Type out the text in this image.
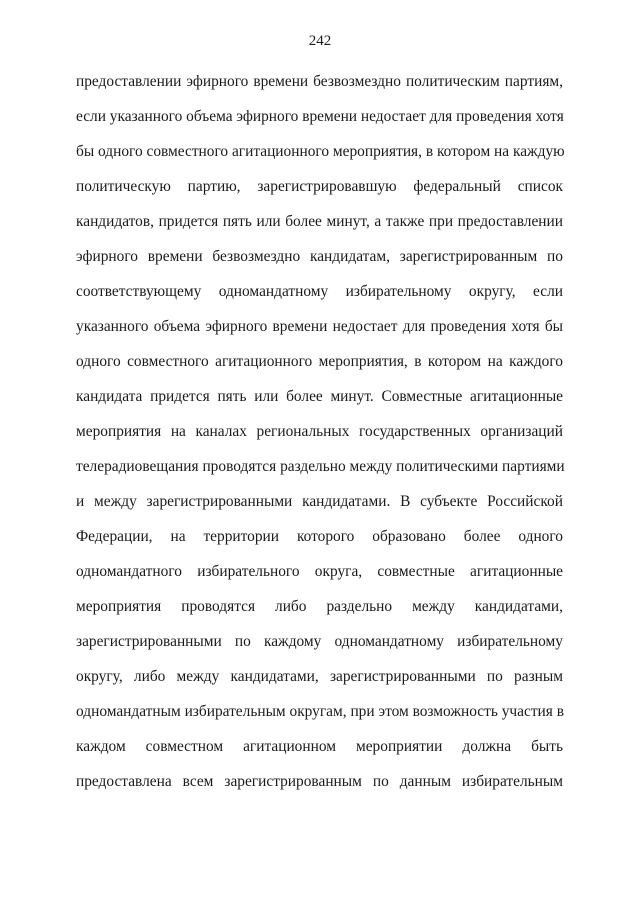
242
предоставлении эфирного времени безвозмездно политическим партиям,
если указанного объема эфирного времени недостает для проведения хотя
бы одного совместного агитационного мероприятия, в котором на каждую
политическую партию, зарегистрировавшую федеральный список
кандидатов, придется пять или более минут, а также при предоставлении
эфирного времени безвозмездно кандидатам, зарегистрированным по
соответствующему одномандатному избирательному округу, если
указанного объема эфирного времени недостает для проведения хотя бы
одного совместного агитационного мероприятия, в котором на каждого
кандидата придется пять или более минут. Совместные агитационные
мероприятия на каналах региональных государственных организаций
телерадиовещания проводятся раздельно между политическими партиями
и между зарегистрированными кандидатами. В субъекте Российской
Федерации, на территории которого образовано более одного
одномандатного избирательного округа, совместные агитационные
мероприятия проводятся либо раздельно между кандидатами,
зарегистрированными по каждому одномандатному избирательному
округу, либо между кандидатами, зарегистрированными по разным
одномандатным избирательным округам, при этом возможность участия в
каждом совместном агитационном мероприятии должна быть
предоставлена всем зарегистрированным по данным избирательным
